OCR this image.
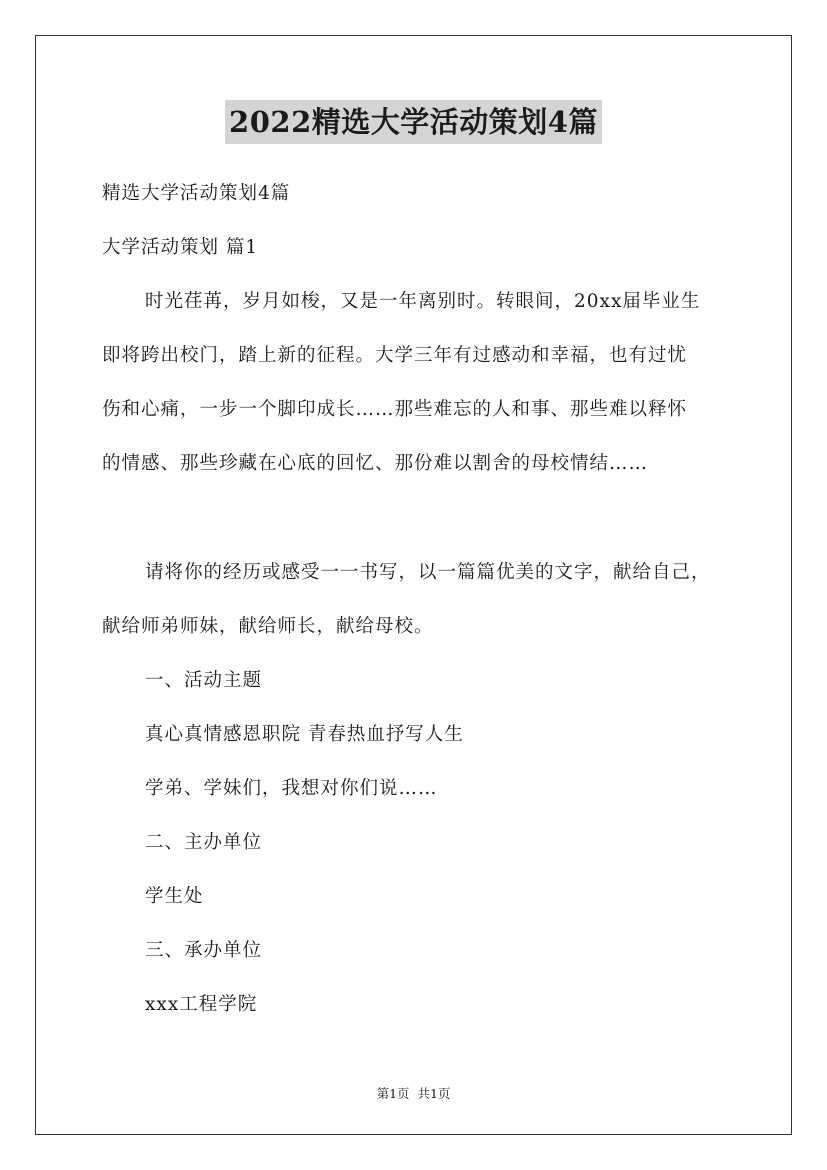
2022精选大学活动策划4篇
精选大学活动策划4篇
大学活动策划 篇1
时光荏苒，岁月如梭，又是一年离别时。转眼间，20xx届毕业生
即将跨出校门，踏上新的征程。大学三年有过感动和幸福，也有过忧
伤和心痛，一步一个脚印成长……那些难忘的人和事、那些难以释怀
的情感、那些珍藏在心底的回忆、那份难以割舍的母校情结……
请将你的经历或感受一一书写，以一篇篇优美的文字，献给自己，
献给师弟师妹，献给师长，献给母校。
一、活动主题
真心真情感恩职院 青春热血抒写人生
学弟、学妹们，我想对你们说……
二、主办单位
学生处
三、承办单位
xxx工程学院
第1页  共1页
